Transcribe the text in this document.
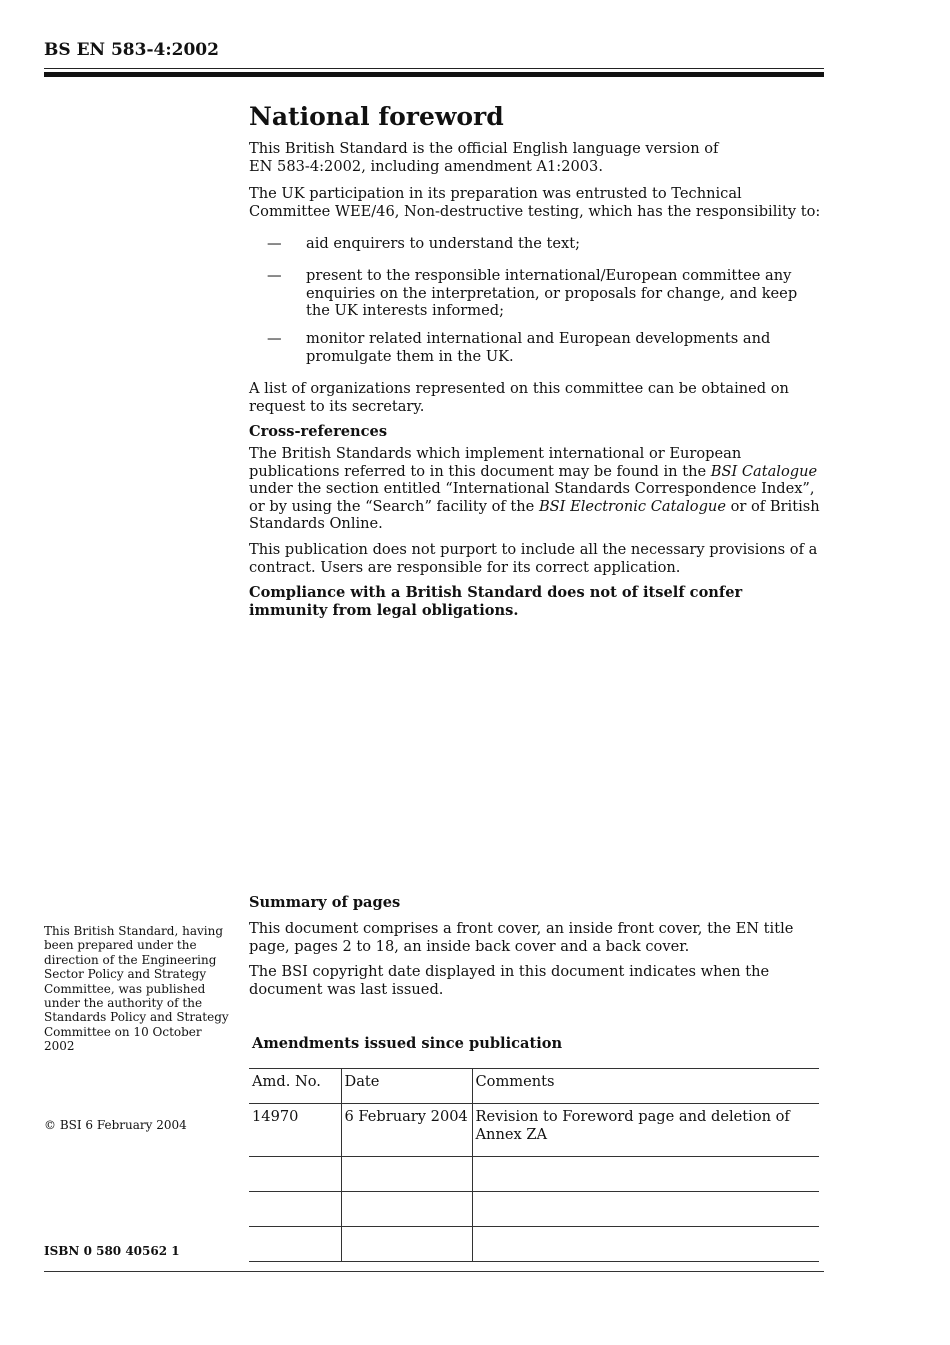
BS EN 583-4:2002
National foreword

This British Standard is the official English language version of
EN 583-4:2002, including amendment A1:2003.

The UK participation in its preparation was entrusted to Technical Committee WEE/46, Non-destructive testing, which has the responsibility to:
— aid enquirers to understand the text;
— present to the responsible international/European committee any enquiries on the interpretation, or proposals for change, and keep the UK interests informed;
— monitor related international and European developments and promulgate them in the UK.
A list of organizations represented on this committee can be obtained on request to its secretary.
Cross-references

The British Standards which implement international or European publications referred to in this document may be found in the BSI Catalogue under the section entitled “International Standards Correspondence Index”, or by using the “Search” facility of the BSI Electronic Catalogue or of British Standards Online.

This publication does not purport to include all the necessary provisions of a contract. Users are responsible for its correct application.
Compliance with a British Standard does not of itself confer immunity from legal obligations.
Summary of pages
This document comprises a front cover, an inside front cover, the EN title page, pages 2 to 18, an inside back cover and a back cover.
The BSI copyright date displayed in this document indicates when the document was last issued.
Amendments issued since publication
Amd. No.	Date	Comments
14970	6 February 2004	Revision to Foreword page and deletion of Annex ZA

This British Standard, having been prepared under the direction of the Engineering Sector Policy and Strategy Committee, was published under the authority of the Standards Policy and Strategy Committee on 10 October 2002
© BSI 6 February 2004
ISBN 0 580 40562 1
